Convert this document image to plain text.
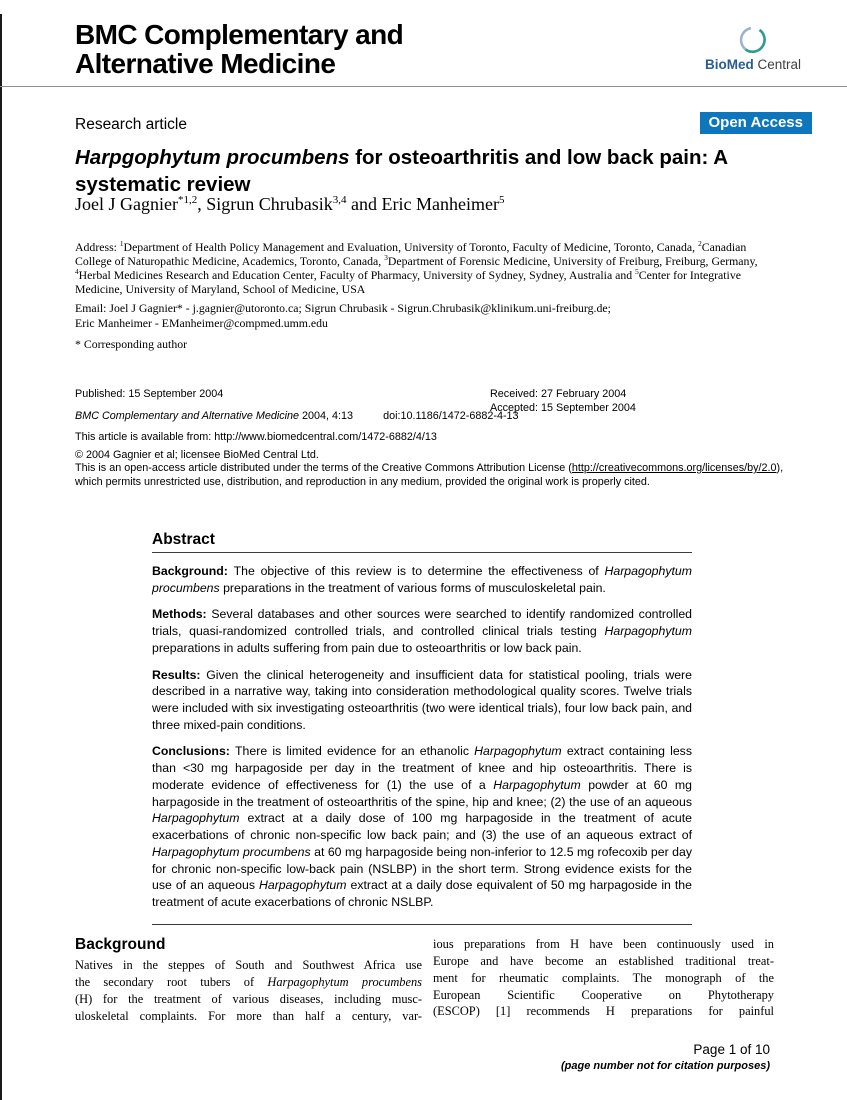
BMC Complementary and
Alternative Medicine	BioMed Central
Research article	Open Access
Harpgophytum procumbens for osteoarthritis and low back pain: A
systematic review
Joel J Gagnier$^{*1,2}$, Sigrun Chrubasik$^{3,4}$ and Eric Manheimer$^5$
Address: $^1$Department of Health Policy Management and Evaluation, University of Toronto, Faculty of Medicine, Toronto, Canada, $^2$Canadian College of Naturopathic Medicine, Academics, Toronto, Canada, $^3$Department of Forensic Medicine, University of Freiburg, Freiburg, Germany, $^4$Herbal Medicines Research and Education Center, Faculty of Pharmacy, University of Sydney, Sydney, Australia and $^5$Center for Integrative Medicine, University of Maryland, School of Medicine, USA
Email: Joel J Gagnier* - j.gagnier@utoronto.ca; Sigrun Chrubasik - Sigrun.Chrubasik@klinikum.uni-freiburg.de;
Eric Manheimer - EManheimer@compmed.umm.edu
* Corresponding author
Published: 15 September 2004
BMC Complementary and Alternative Medicine 2004, 4:13	doi:10.1186/1472-6882-4-13
This article is available from: http://www.biomedcentral.com/1472-6882/4/13
Received: 27 February 2004
Accepted: 15 September 2004
© 2004 Gagnier et al; licensee BioMed Central Ltd.
This is an open-access article distributed under the terms of the Creative Commons Attribution License (http://creativecommons.org/licenses/by/2.0), which permits unrestricted use, distribution, and reproduction in any medium, provided the original work is properly cited.
Abstract

Background: The objective of this review is to determine the effectiveness of Harpagophytum procumbens preparations in the treatment of various forms of musculoskeletal pain.

Methods: Several databases and other sources were searched to identify randomized controlled trials, quasi-randomized controlled trials, and controlled clinical trials testing Harpagophytum preparations in adults suffering from pain due to osteoarthritis or low back pain.

Results: Given the clinical heterogeneity and insufficient data for statistical pooling, trials were described in a narrative way, taking into consideration methodological quality scores. Twelve trials were included with six investigating osteoarthritis (two were identical trials), four low back pain, and three mixed-pain conditions.

Conclusions: There is limited evidence for an ethanolic Harpagophytum extract containing less than <30 mg harpagoside per day in the treatment of knee and hip osteoarthritis. There is moderate evidence of effectiveness for (1) the use of a Harpagophytum powder at 60 mg harpagoside in the treatment of osteoarthritis of the spine, hip and knee; (2) the use of an aqueous Harpagophytum extract at a daily dose of 100 mg harpagoside in the treatment of acute exacerbations of chronic non-specific low back pain; and (3) the use of an aqueous extract of Harpagophytum procumbens at 60 mg harpagoside being non-inferior to 12.5 mg rofecoxib per day for chronic non-specific low-back pain (NSLBP) in the short term. Strong evidence exists for the use of an aqueous Harpagophytum extract at a daily dose equivalent of 50 mg harpagoside in the treatment of acute exacerbations of chronic NSLBP.

Background
Natives in the steppes of South and Southwest Africa use
the secondary root tubers of Harpagophytum procumbens
(H) for the treatment of various diseases, including musc-
uloskeletal complaints. For more than half a century, var-
ious preparations from H have been continuously used in
Europe and have become an established traditional treat-
ment for rheumatic complaints. The monograph of the
European Scientific Cooperative on Phytotherapy
(ESCOP) [1] recommends H preparations for painful
Page 1 of 10
(page number not for citation purposes)
